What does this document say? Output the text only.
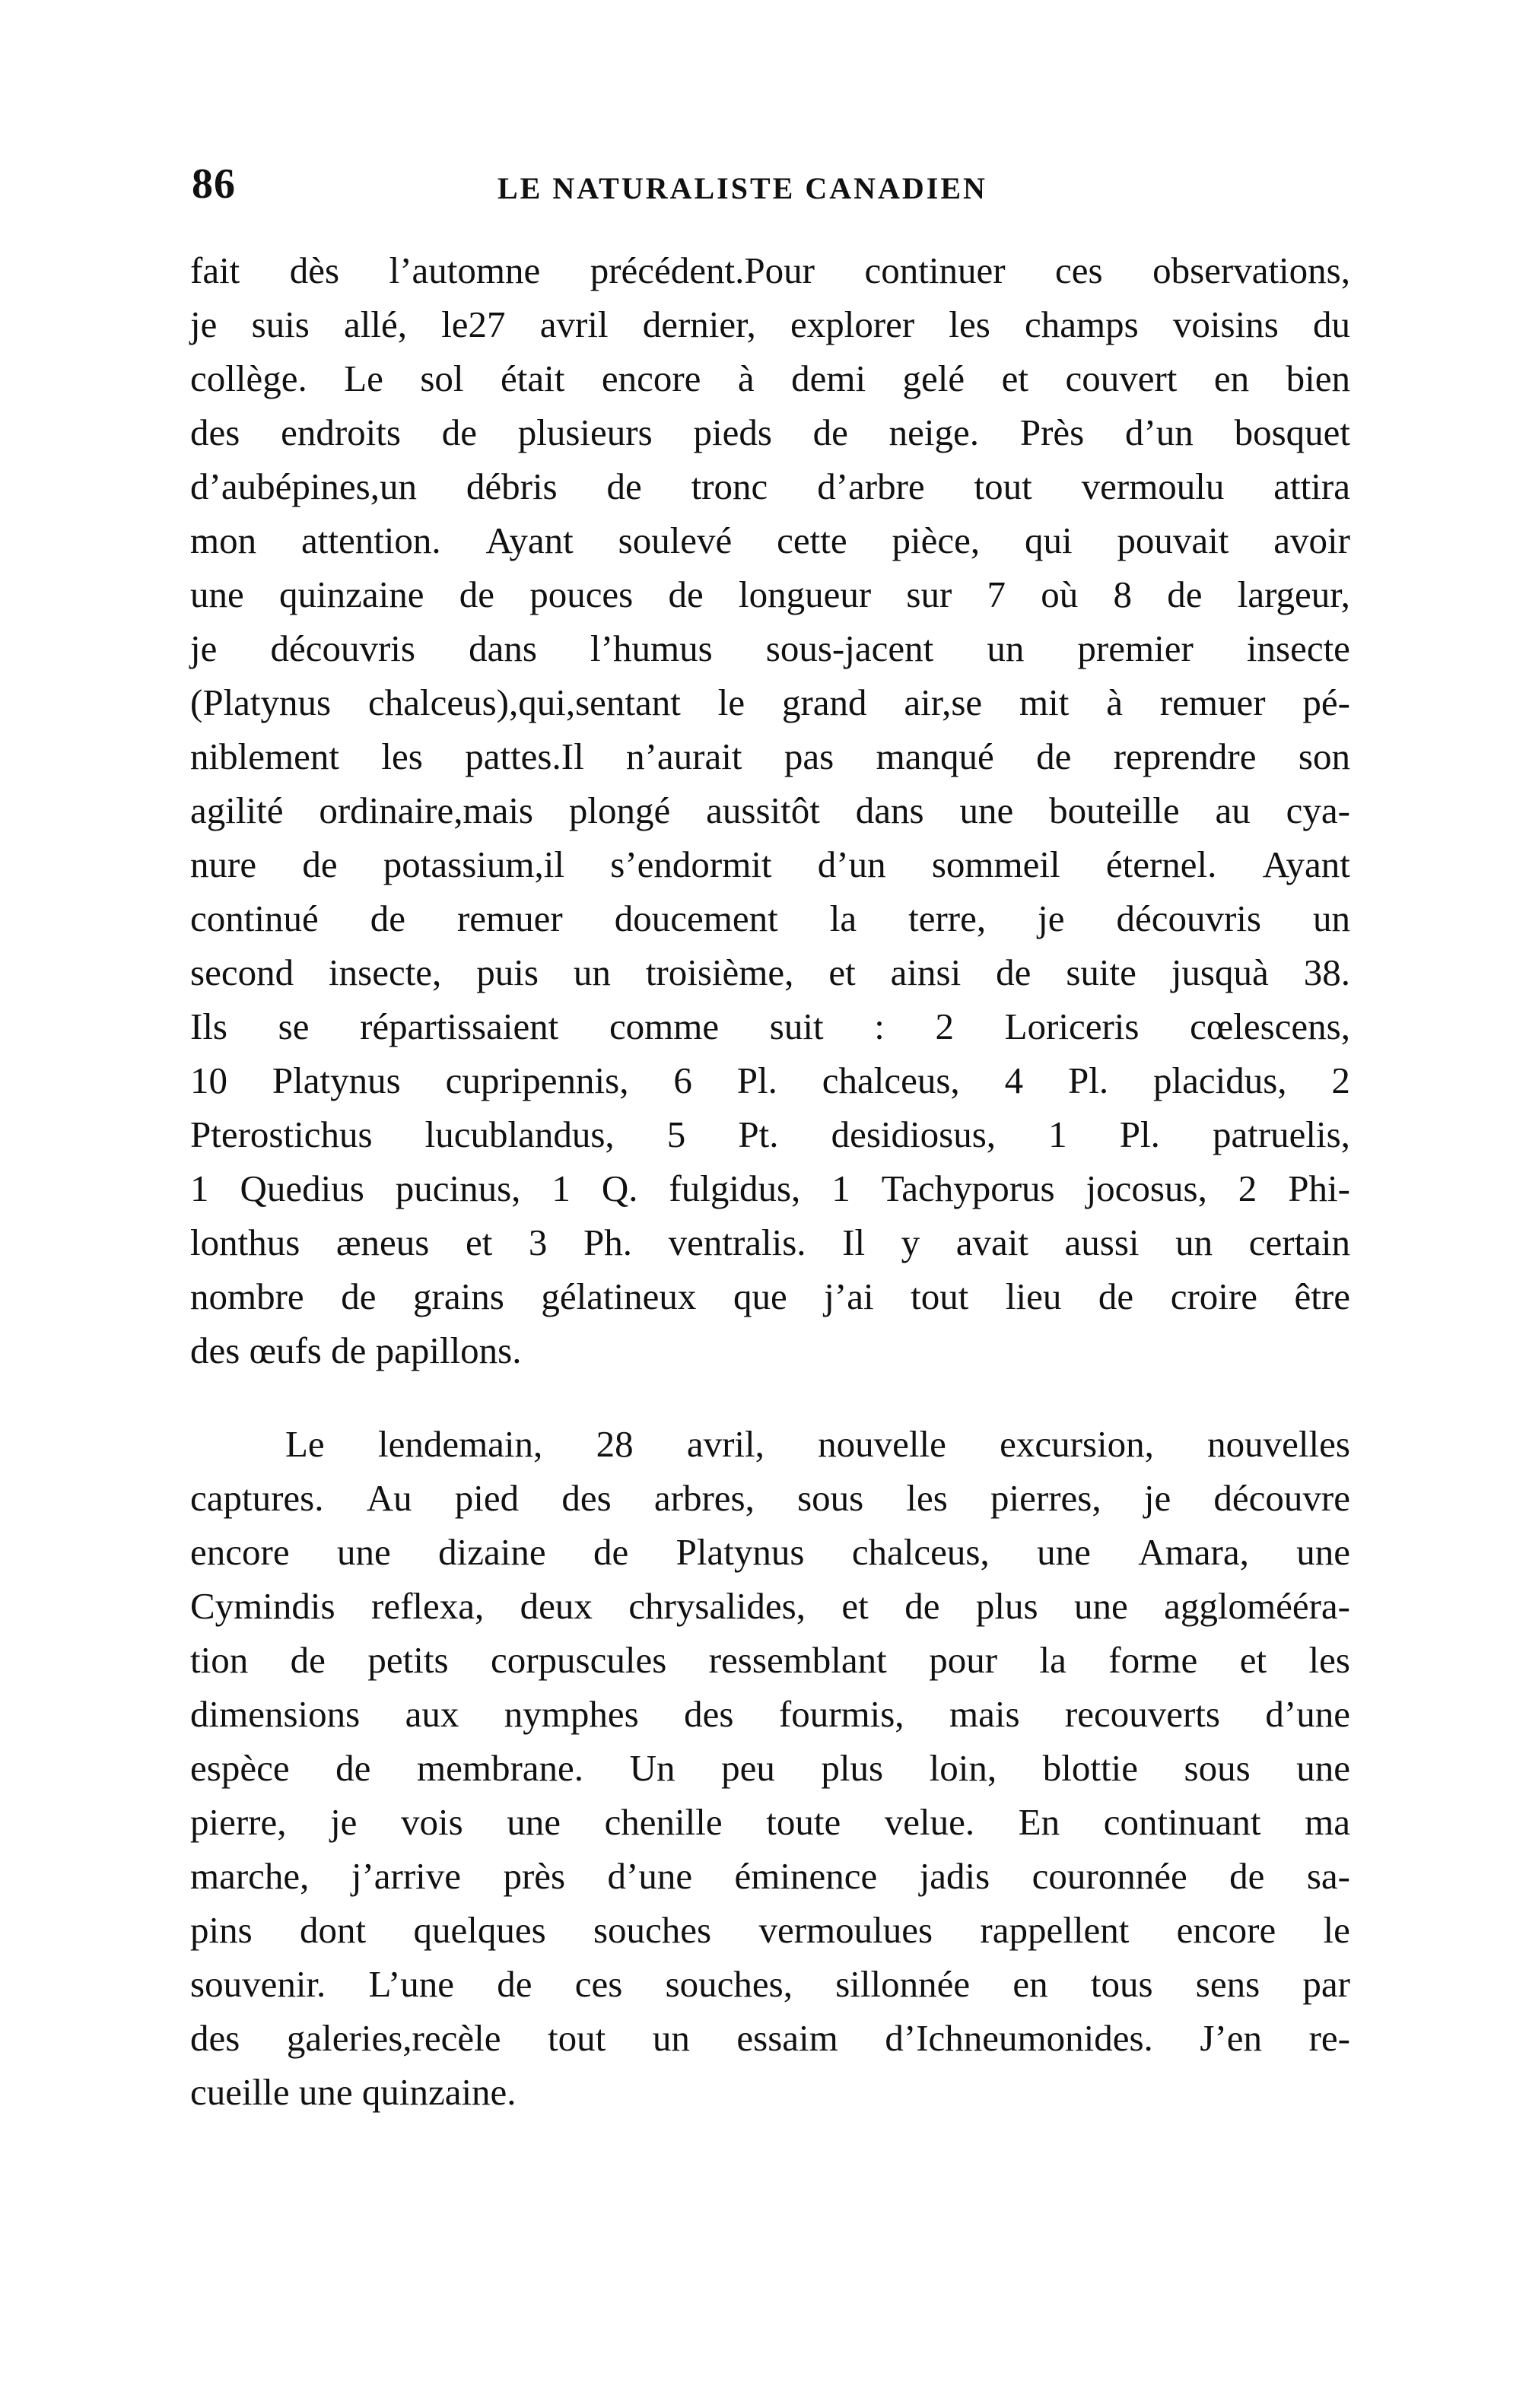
86	LE NATURALISTE CANADIEN
fait dès l’automne précédent.Pour continuer ces observations,
je suis allé, le27 avril dernier, explorer les champs voisins du
collège. Le sol était encore à demi gelé et couvert en bien
des endroits de plusieurs pieds de neige. Près d’un bosquet
d’aubépines,un débris de tronc d’arbre tout vermoulu attira
mon attention. Ayant soulevé cette pièce, qui pouvait avoir
une quinzaine de pouces de longueur sur 7 où 8 de largeur,
je découvris dans l’humus sous-jacent un premier insecte
(Platynus chalceus),qui,sentant le grand air,se mit à remuer pé-
niblement les pattes.Il n’aurait pas manqué de reprendre son
agilité ordinaire,mais plongé aussitôt dans une bouteille au cya-
nure de potassium,il s’endormit d’un sommeil éternel. Ayant
continué de remuer doucement la terre, je découvris un
second insecte, puis un troisième, et ainsi de suite jusquà 38.
Ils se répartissaient comme suit : 2 Loriceris cœlescens,
10 Platynus cupripennis, 6 Pl. chalceus, 4 Pl. placidus, 2
Pterostichus lucublandus, 5 Pt. desidiosus, 1 Pl. patruelis,
1 Quedius pucinus, 1 Q. fulgidus, 1 Tachyporus jocosus, 2 Phi-
lonthus æneus et 3 Ph. ventralis. Il y avait aussi un certain
nombre de grains gélatineux que j’ai tout lieu de croire être
des œufs de papillons.
Le lendemain, 28 avril, nouvelle excursion, nouvelles
captures. Au pied des arbres, sous les pierres, je découvre
encore une dizaine de Platynus chalceus, une Amara, une
Cymindis reflexa, deux chrysalides, et de plus une agglomééra-
tion de petits corpuscules ressemblant pour la forme et les
dimensions aux nymphes des fourmis, mais recouverts d’une
espèce de membrane. Un peu plus loin, blottie sous une
pierre, je vois une chenille toute velue. En continuant ma
marche, j’arrive près d’une éminence jadis couronnée de sa-
pins dont quelques souches vermoulues rappellent encore le
souvenir. L’une de ces souches, sillonnée en tous sens par
des galeries,recèle tout un essaim d’Ichneumonides. J’en re-
cueille une quinzaine.
